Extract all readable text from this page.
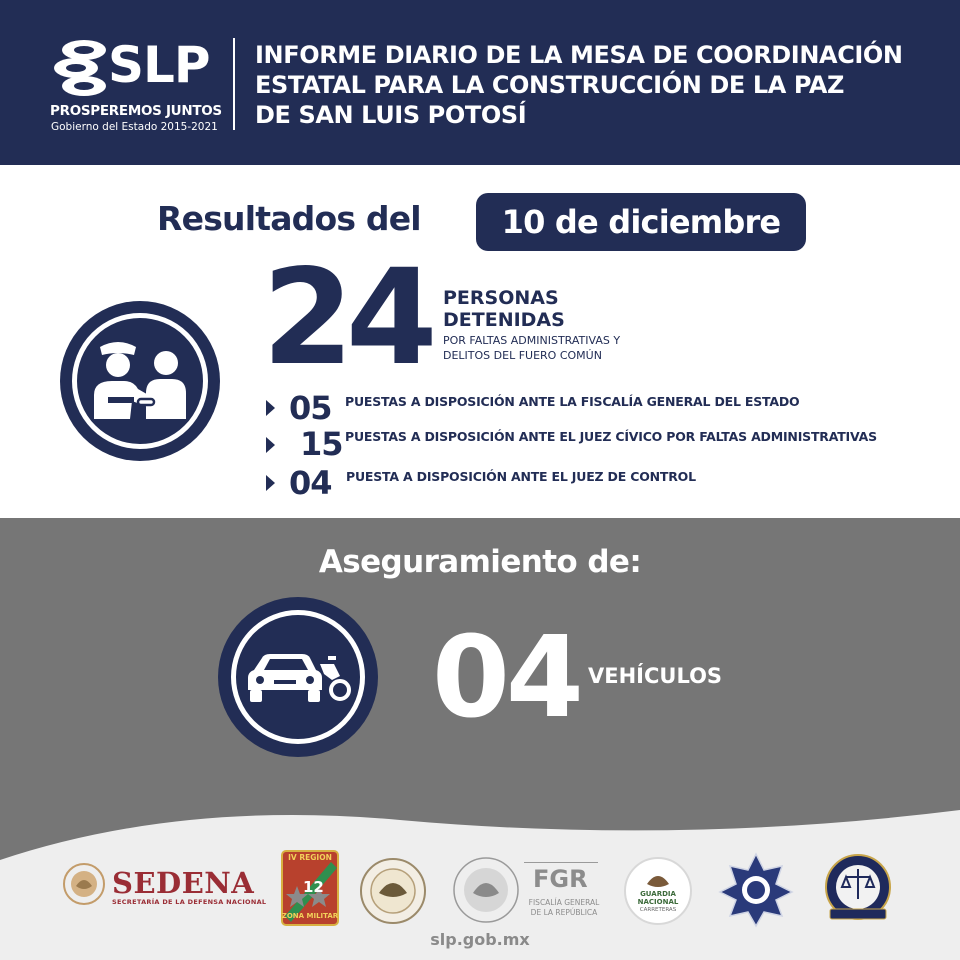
SLP
PROSPEREMOS JUNTOS
Gobierno del Estado 2015-2021
INFORME DIARIO DE LA MESA DE COORDINACIÓN
ESTATAL PARA LA CONSTRUCCIÓN DE LA PAZ
DE SAN LUIS POTOSÍ
Resultados del	10 de diciembre
24 PERSONAS
DETENIDAS
POR FALTAS ADMINISTRATIVAS Y
DELITOS DEL FUERO COMÚN
05 PUESTAS A DISPOSICIÓN ANTE LA FISCALÍA GENERAL DEL ESTADO
15 PUESTAS A DISPOSICIÓN ANTE EL JUEZ CÍVICO POR FALTAS ADMINISTRATIVAS
04 PUESTA A DISPOSICIÓN ANTE EL JUEZ DE CONTROL
Aseguramiento de:
04 VEHÍCULOS
SEDENA
SECRETARÍA DE LA DEFENSA NACIONAL
IV REGION
12
ZONA MILITAR
FGR
FISCALÍA GENERAL
DE LA REPÚBLICA
GUARDIA
NACIONAL
CARRETERAS
slp.gob.mx
